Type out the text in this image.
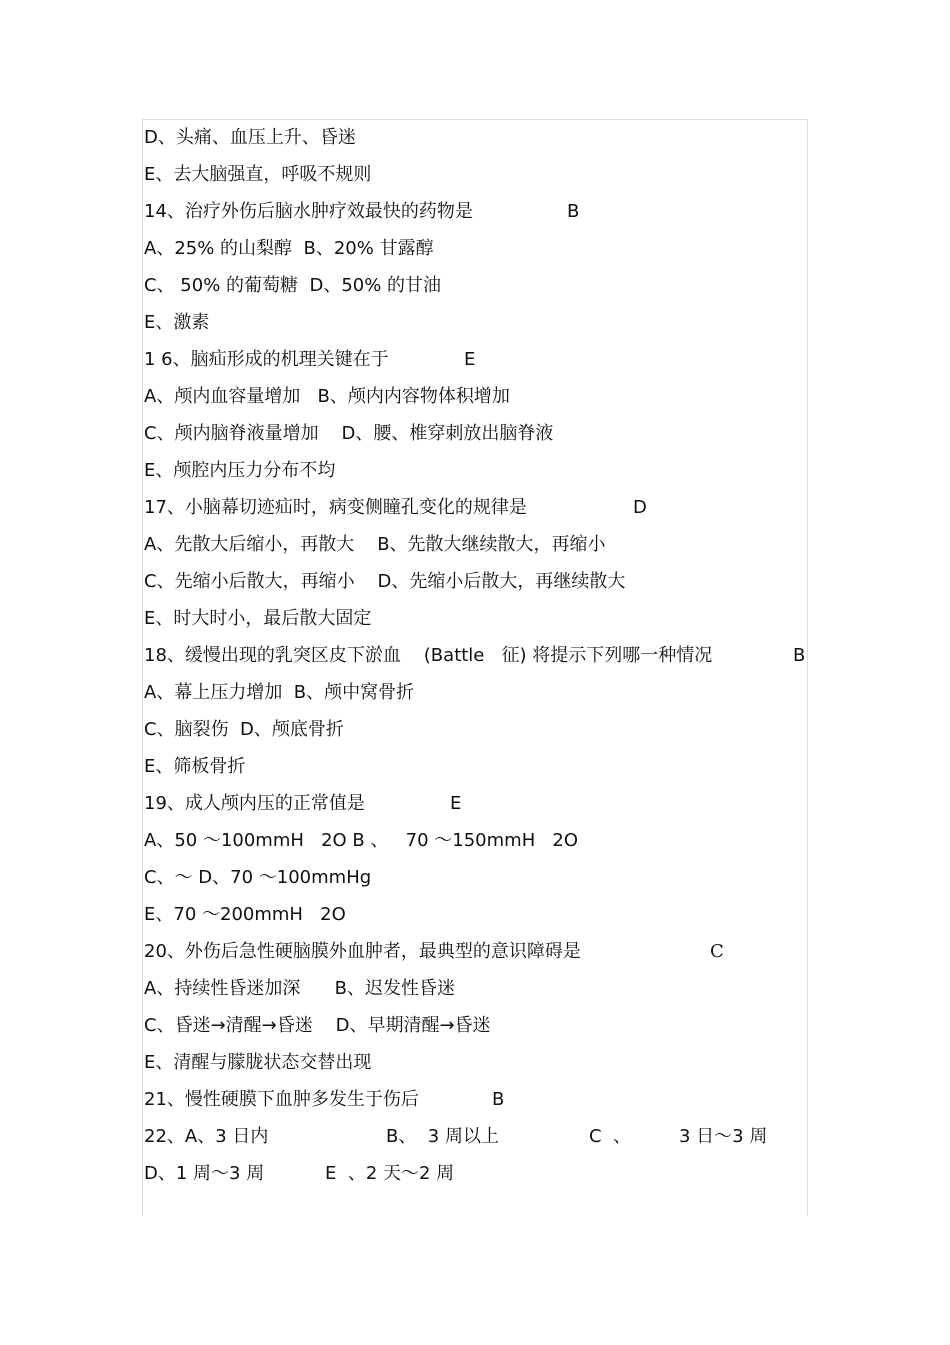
D、头痛、血压上升、昏迷
E、去大脑强直，呼吸不规则
14、治疗外伤后脑水肿疗效最快的药物是	B
A、25% 的山梨醇  B、20% 甘露醇
C、 50% 的葡萄糖  D、50% 的甘油
E、激素
1 6、脑疝形成的机理关键在于	E
A、颅内血容量增加   B、颅内内容物体积增加
C、颅内脑脊液量增加    D、腰、椎穿刺放出脑脊液
E、颅腔内压力分布不均
17、小脑幕切迹疝时，病变侧瞳孔变化的规律是	D
A、先散大后缩小，再散大    B、先散大继续散大，再缩小
C、先缩小后散大，再缩小    D、先缩小后散大，再继续散大
E、时大时小，最后散大固定
18、缓慢出现的乳突区皮下淤血    (Battle   征) 将提示下列哪一种情况	B
A、幕上压力增加  B、颅中窝骨折
C、脑裂伤  D、颅底骨折
E、筛板骨折
19、成人颅内压的正常值是	E
A、50 ～100mmH   2O B 、   70 ～150mmH   2O
C、～ D、70 ～100mmHg
E、70 ～200mmH   2O
20、外伤后急性硬脑膜外血肿者，最典型的意识障碍是	C
A、持续性昏迷加深      B、迟发性昏迷
C、昏迷→清醒→昏迷    D、早期清醒→昏迷
E、清醒与朦胧状态交替出现
21、慢性硬膜下血肿多发生于伤后	B
22、A、3 日内	B、  3 周以上	C  、	3 日～3 周
D、1 周～3 周	E  、2 天～2 周
